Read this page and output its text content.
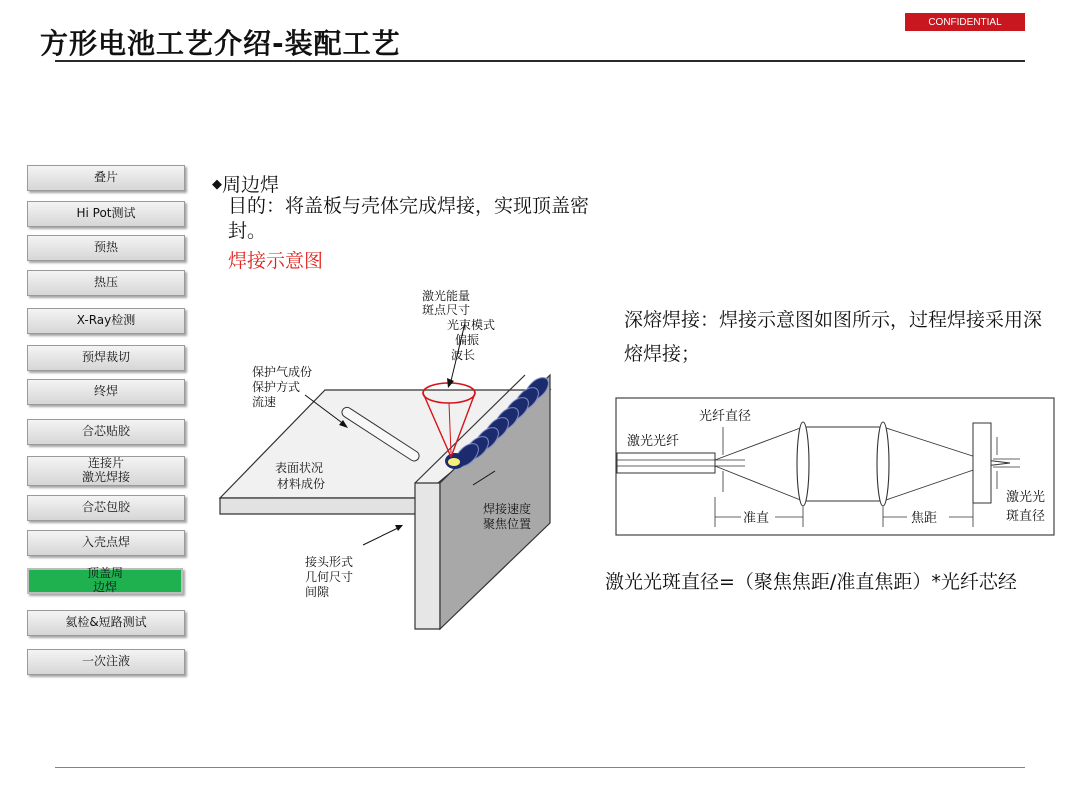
方形电池工艺介绍-装配工艺
CONFIDENTIAL
叠片
Hi Pot测试
预热
热压
X-Ray检测
预焊裁切
终焊
合芯贴胶
连接片
激光焊接
合芯包胶
入壳点焊
顶盖周
边焊
氦检&短路测试
一次注液
◆周边焊
目的：将盖板与壳体完成焊接，实现顶盖密封。
焊接示意图
激光能量
斑点尺寸
光束模式
偏振
波长
保护气成份
保护方式
流速
表面状况
材料成份
焊接速度
聚焦位置
接头形式
几何尺寸
间隙
深熔焊接：焊接示意图如图所示，过程焊接采用深熔焊接；
光纤直径
激光光纤
准直	焦距
激光光
斑直径
激光光斑直径=（聚焦焦距/准直焦距）*光纤芯经
